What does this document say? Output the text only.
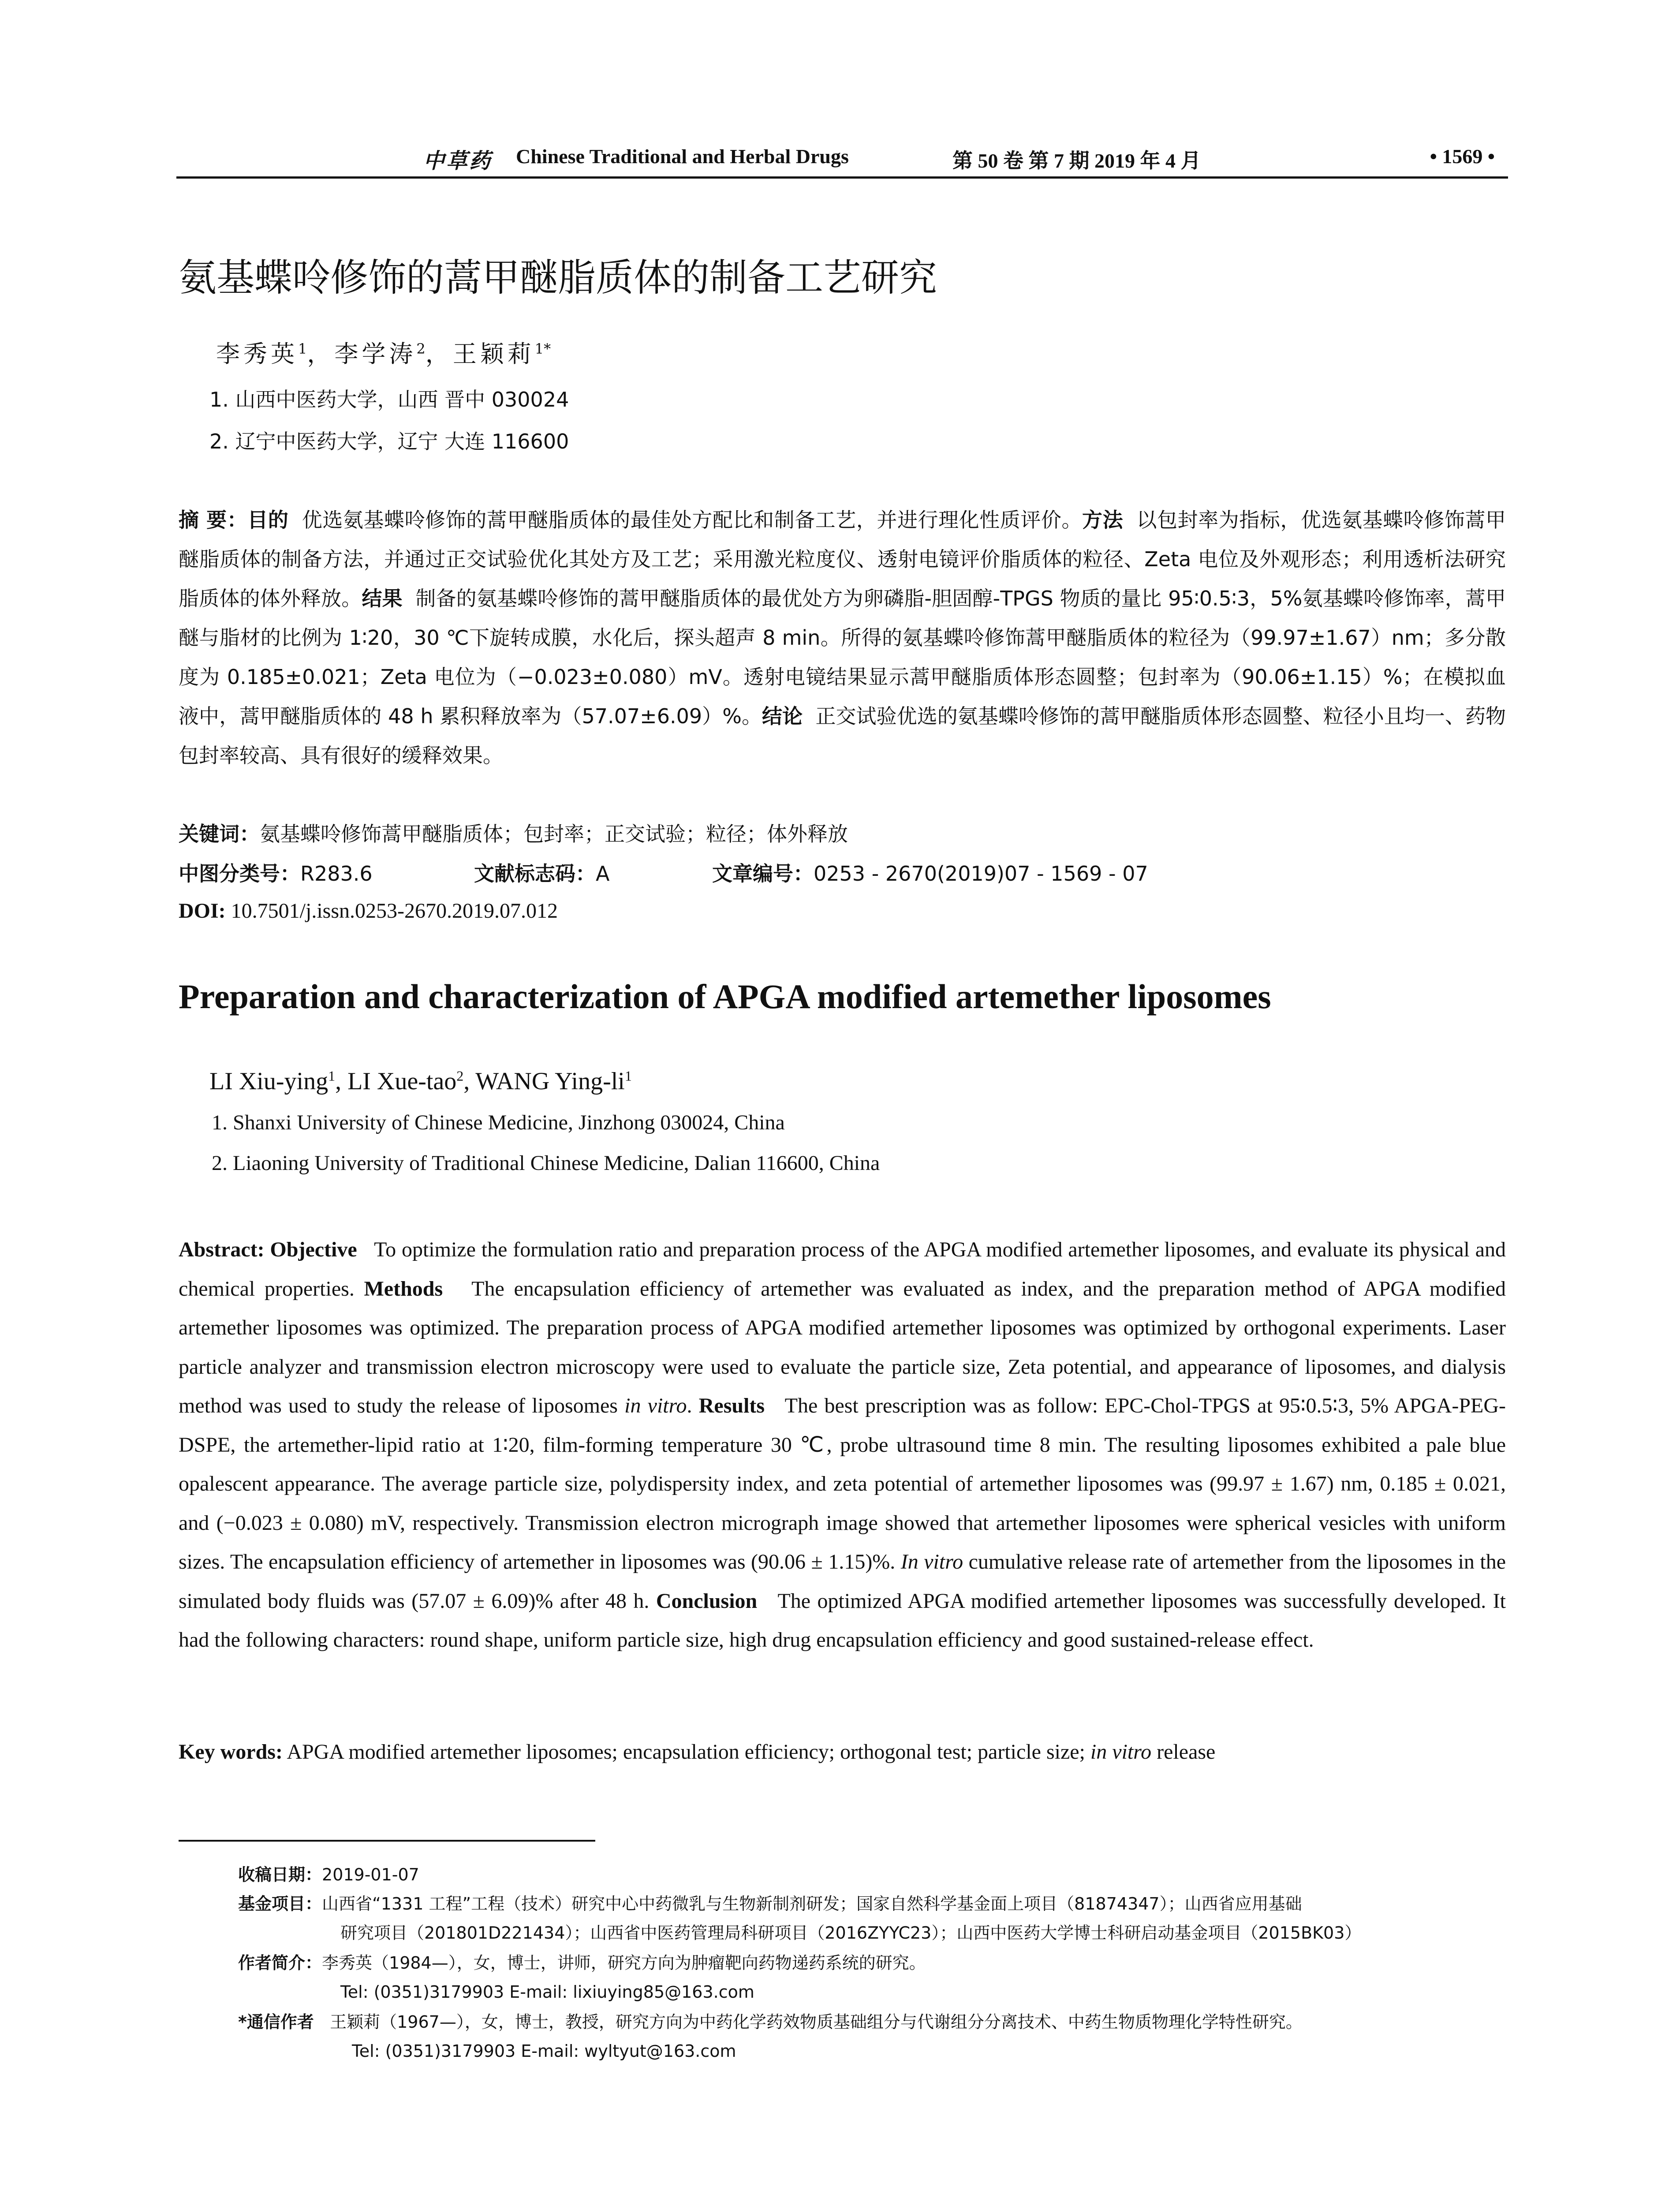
中草药 Chinese Traditional and Herbal Drugs	第 50 卷 第 7 期 2019 年 4 月	• 1569 •
氨基蝶呤修饰的蒿甲醚脂质体的制备工艺研究
李秀英$^1$，李学涛$^2$，王颖莉$^{1*}$
1. 山西中医药大学，山西 晋中 030024
2. 辽宁中医药大学，辽宁 大连 116600
摘 要：目的 优选氨基蝶呤修饰的蒿甲醚脂质体的最佳处方配比和制备工艺，并进行理化性质评价。方法 以包封率为指标，优选氨基蝶呤修饰蒿甲醚脂质体的制备方法，并通过正交试验优化其处方及工艺；采用激光粒度仪、透射电镜评价脂质体的粒径、Zeta 电位及外观形态；利用透析法研究脂质体的体外释放。结果 制备的氨基蝶呤修饰的蒿甲醚脂质体的最优处方为卵磷脂-胆固醇-TPGS 物质的量比 95∶0.5∶3，5%氨基蝶呤修饰率，蒿甲醚与脂材的比例为 1∶20，30 ℃下旋转成膜，水化后，探头超声 8 min。所得的氨基蝶呤修饰蒿甲醚脂质体的粒径为（99.97±1.67）nm；多分散度为 0.185±0.021；Zeta 电位为（−0.023±0.080）mV。透射电镜结果显示蒿甲醚脂质体形态圆整；包封率为（90.06±1.15）%；在模拟血液中，蒿甲醚脂质体的 48 h 累积释放率为（57.07±6.09）%。结论 正交试验优选的氨基蝶呤修饰的蒿甲醚脂质体形态圆整、粒径小且均一、药物包封率较高、具有很好的缓释效果。
关键词：氨基蝶呤修饰蒿甲醚脂质体；包封率；正交试验；粒径；体外释放
中图分类号：R283.6	文献标志码：A	文章编号：0253 - 2670(2019)07 - 1569 - 07
DOI: 10.7501/j.issn.0253-2670.2019.07.012
Preparation and characterization of APGA modified artemether liposomes
LI Xiu-ying$^1$, LI Xue-tao$^2$, WANG Ying-$li^1$
1. Shanxi University of Chinese Medicine, Jinzhong 030024, China
2. Liaoning University of Traditional Chinese Medicine, Dalian 116600, China
Abstract: Objective To optimize the formulation ratio and preparation process of the APGA modified artemether liposomes, and evaluate its physical and chemical properties. Methods The encapsulation efficiency of artemether was evaluated as index, and the preparation method of APGA modified artemether liposomes was optimized. The preparation process of APGA modified artemether liposomes was optimized by orthogonal experiments. Laser particle analyzer and transmission electron microscopy were used to evaluate the particle size, Zeta potential, and appearance of liposomes, and dialysis method was used to study the release of liposomes in vitro. Results The best prescription was as follow: EPC-Chol-TPGS at 95∶0.5∶3, 5% APGA-PEG-DSPE, the artemether-lipid ratio at 1∶20, film-forming temperature 30 ℃, probe ultrasound time 8 min. The resulting liposomes exhibited a pale blue opalescent appearance. The average particle size, polydispersity index, and zeta potential of artemether liposomes was (99.97 ± 1.67) nm, 0.185 ± 0.021, and (−0.023 ± 0.080) mV, respectively. Transmission electron micrograph image showed that artemether liposomes were spherical vesicles with uniform sizes. The encapsulation efficiency of artemether in liposomes was (90.06 ± 1.15)%. In vitro cumulative release rate of artemether from the liposomes in the simulated body fluids was (57.07 ± 6.09)% after 48 h. Conclusion The optimized APGA modified artemether liposomes was successfully developed. It had the following characters: round shape, uniform particle size, high drug encapsulation efficiency and good sustained-release effect.
Key words: APGA modified artemether liposomes; encapsulation efficiency; orthogonal test; particle size; in vitro release
收稿日期：2019-01-07
基金项目：山西省“1331 工程”工程（技术）研究中心中药微乳与生物新制剂研发；国家自然科学基金面上项目（81874347）；山西省应用基础
研究项目（201801D221434）；山西省中医药管理局科研项目（2016ZYYC23）；山西中医药大学博士科研启动基金项目（2015BK03）
作者简介：李秀英（1984—），女，博士，讲师，研究方向为肿瘤靶向药物递药系统的研究。
Tel: (0351)3179903 E-mail: lixiuying85@163.com
*通信作者 王颖莉（1967—），女，博士，教授，研究方向为中药化学药效物质基础组分与代谢组分分离技术、中药生物质物理化学特性研究。
Tel: (0351)3179903 E-mail: wyltyut@163.com
